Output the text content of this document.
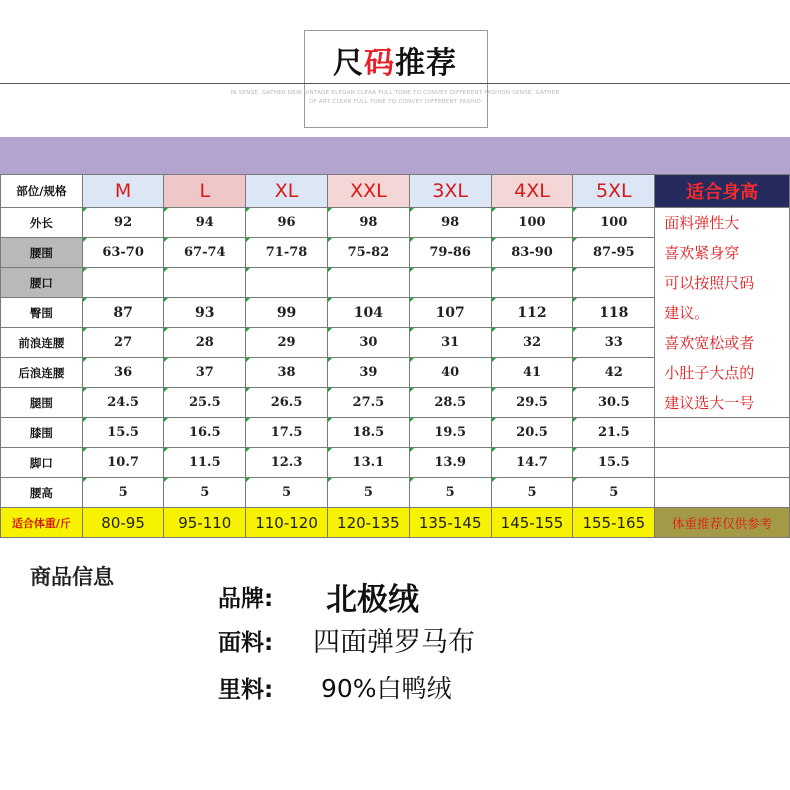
尺码推荐
IN SENSE, GATHER NEW VINTAGE ELEGAN CLEAR FULL TONE TO CONVEY DIFFERENT FASHION SENSE, GATHER
OF ART CLEAR FULL TONE TO CONVEY DIFFERENT FASHIO
部位/规格	M	L	XL	XXL	3XL	4XL	5XL	适合身高
外长	92	94	96	98	98	100	100	面料弹性大
腰围	63-70	67-74	71-78	75-82	79-86	83-90	87-95	喜欢紧身穿
腰口								可以按照尺码
臀围	87	93	99	104	107	112	118	建议。
前浪连腰	27	28	29	30	31	32	33	喜欢宽松或者
后浪连腰	36	37	38	39	40	41	42	小肚子大点的
腿围	24.5	25.5	26.5	27.5	28.5	29.5	30.5	建议选大一号
膝围	15.5	16.5	17.5	18.5	19.5	20.5	21.5

脚口	10.7	11.5	12.3	13.1	13.9	14.7	15.5

腰高	5	5	5	5	5	5	5

适合体重/斤	80-95	95-110	110-120	120-135	135-145	145-155	155-165	体重推荐仅供参考
商品信息
品牌: 北极绒
面料: 四面弹罗马布
里料: 90%白鸭绒
